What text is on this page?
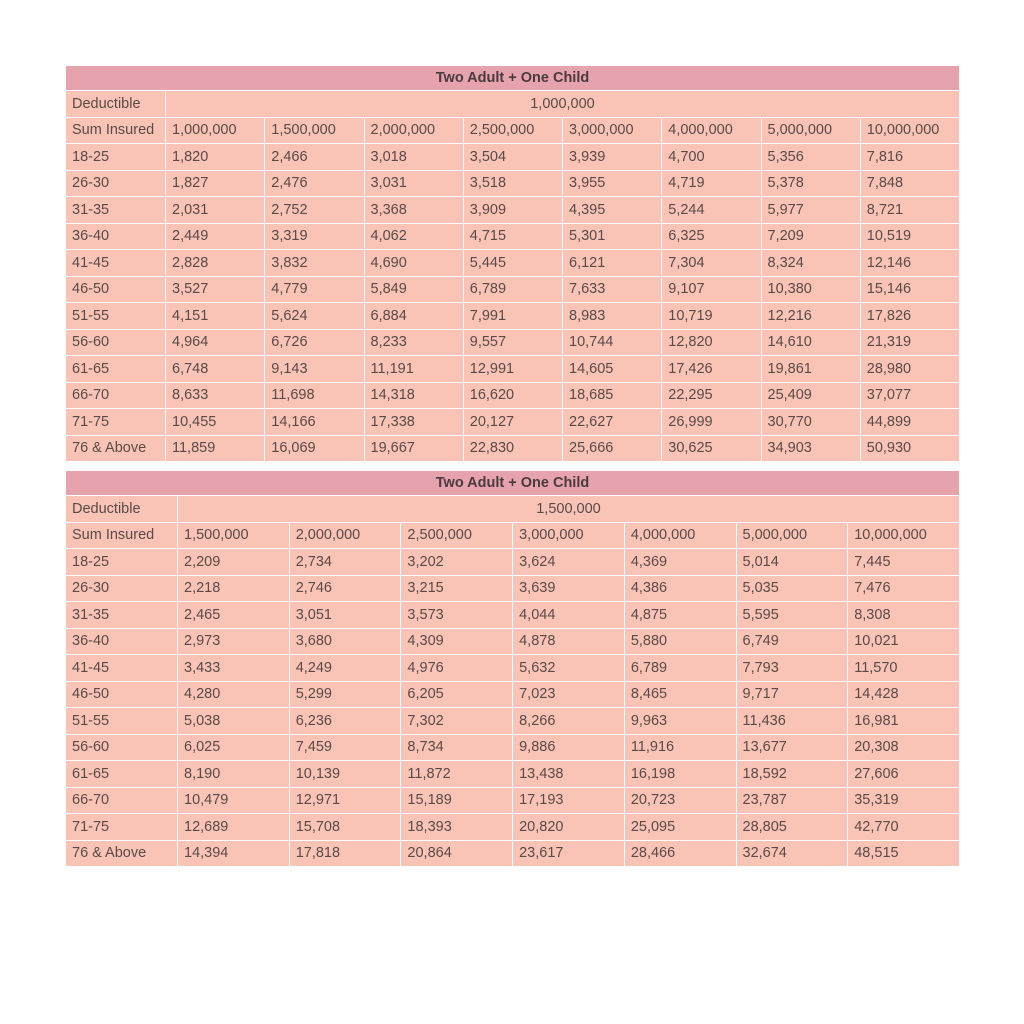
Two Adult + One Child								
Deductible	1,000,000							
Sum Insured	1,000,000	1,500,000	2,000,000	2,500,000	3,000,000	4,000,000	5,000,000	10,000,000
18-25	1,820	2,466	3,018	3,504	3,939	4,700	5,356	7,816
26-30	1,827	2,476	3,031	3,518	3,955	4,719	5,378	7,848
31-35	2,031	2,752	3,368	3,909	4,395	5,244	5,977	8,721
36-40	2,449	3,319	4,062	4,715	5,301	6,325	7,209	10,519
41-45	2,828	3,832	4,690	5,445	6,121	7,304	8,324	12,146
46-50	3,527	4,779	5,849	6,789	7,633	9,107	10,380	15,146
51-55	4,151	5,624	6,884	7,991	8,983	10,719	12,216	17,826
56-60	4,964	6,726	8,233	9,557	10,744	12,820	14,610	21,319
61-65	6,748	9,143	11,191	12,991	14,605	17,426	19,861	28,980
66-70	8,633	11,698	14,318	16,620	18,685	22,295	25,409	37,077
71-75	10,455	14,166	17,338	20,127	22,627	26,999	30,770	44,899
76 & Above	11,859	16,069	19,667	22,830	25,666	30,625	34,903	50,930
Two Adult + One Child							
Deductible	1,500,000						
Sum Insured	1,500,000	2,000,000	2,500,000	3,000,000	4,000,000	5,000,000	10,000,000
18-25	2,209	2,734	3,202	3,624	4,369	5,014	7,445
26-30	2,218	2,746	3,215	3,639	4,386	5,035	7,476
31-35	2,465	3,051	3,573	4,044	4,875	5,595	8,308
36-40	2,973	3,680	4,309	4,878	5,880	6,749	10,021
41-45	3,433	4,249	4,976	5,632	6,789	7,793	11,570
46-50	4,280	5,299	6,205	7,023	8,465	9,717	14,428
51-55	5,038	6,236	7,302	8,266	9,963	11,436	16,981
56-60	6,025	7,459	8,734	9,886	11,916	13,677	20,308
61-65	8,190	10,139	11,872	13,438	16,198	18,592	27,606
66-70	10,479	12,971	15,189	17,193	20,723	23,787	35,319
71-75	12,689	15,708	18,393	20,820	25,095	28,805	42,770
76 & Above	14,394	17,818	20,864	23,617	28,466	32,674	48,515
